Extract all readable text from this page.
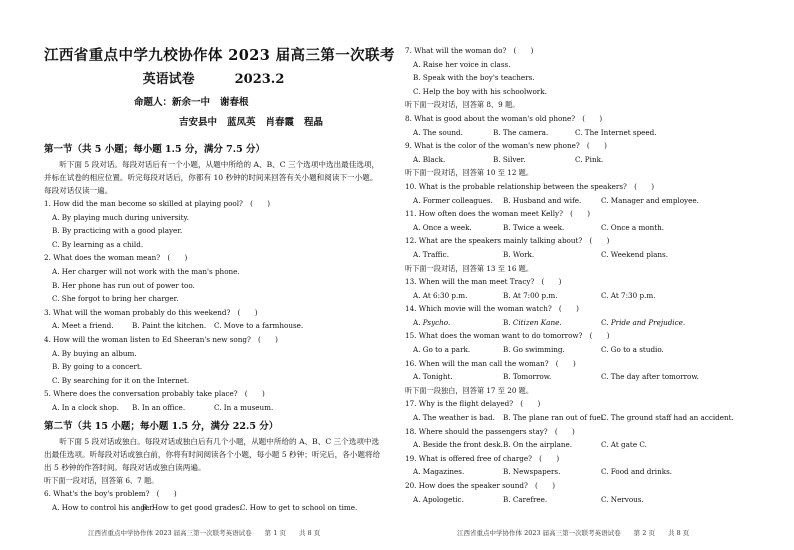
江西省重点中学九校协作体 2023 届高三第一次联考
英语试卷	2023.2
命题人：新余一中 谢春根
吉安县中 蓝凤英 肖春霞 程晶
第一节（共 5 小题；每小题 1.5 分，满分 7.5 分）

听下面 5 段对话。每段对话后有一个小题，从题中所给的 A、B、C 三个选项中选出最佳选项，并标在试卷的相应位置。听完每段对话后，你都有 10 秒钟的时间来回答有关小题和阅读下一小题。每段对话仅读一遍。

1. How did the man become so skilled at playing pool?　(　　)
A. By playing much during university.
B. By practicing with a good player.
C. By learning as a child.
2. What does the woman mean?　(　　)
A. Her charger will not work with the man's phone.
B. Her phone has run out of power too.
C. She forgot to bring her charger.
3. What will the woman probably do this weekend?　(　　)
A. Meet a friend.	B. Paint the kitchen. C. Move to a farmhouse.
4. How will the woman listen to Ed Sheeran's new song?　(　　)
A. By buying an album.
B. By going to a concert.
C. By searching for it on the Internet.
5. Where does the conversation probably take place?　(　　)
A. In a clock shop. B. In an office.	C. In a museum.
第二节（共 15 小题；每小题 1.5 分，满分 22.5 分）

听下面 5 段对话或独白。每段对话或独白后有几个小题，从题中所给的 A、B、C 三个选项中选出最佳选项。听每段对话或独白前，你将有时间阅读各个小题，每小题 5 秒钟；听完后，各小题将给出 5 秒钟的作答时间。每段对话或独白读两遍。

听下面一段对话，回答第 6、7 题。
6. What's the boy's problem?　(　　)
A. How to control his anger.B. How to get good grades.C. How to get to school on time.
江西省重点中学协作体 2023 届高三第一次联考英语试卷　　第 1 页　　共 8 页
7. What will the woman do?　(　　)
A. Raise her voice in class.
B. Speak with the boy's teachers.
C. Help the boy with his schoolwork.
听下面一段对话，回答第 8、9 题。
8. What is good about the woman's old phone?　(　　)
A. The sound.	B. The camera.	C. The Internet speed.
9. What is the color of the woman's new phone?　(　　)
A. Black.	B. Silver.	C. Pink.
听下面一段对话，回答第 10 至 12 题。
10. What is the probable relationship between the speakers?　(　　)
A. Former colleagues. B. Husband and wife.	C. Manager and employee.
11. How often does the woman meet Kelly?　(　　)
A. Once a week.	B. Twice a week.	C. Once a month.
12. What are the speakers mainly talking about?　(　　)
A. Traffic.	B. Work.	C. Weekend plans.
听下面一段对话，回答第 13 至 16 题。
13. When will the man meet Tracy?　(　　)
A. At 6:30 p.m.	B. At 7:00 p.m.	C. At 7:30 p.m.
14. Which movie will the woman watch?　(　　)
A. Psycho.	B. Citizen Kane.	C. Pride and Prejudice.
15. What does the woman want to do tomorrow?　(　　)
A. Go to a park.	B. Go swimming.	C. Go to a studio.
16. When will the man call the woman?　(　　)
A. Tonight.	B. Tomorrow.	C. The day after tomorrow.
听下面一段独白，回答第 17 至 20 题。
17. Why is the flight delayed?　(　　)
A. The weather is bad. B. The plane ran out of fuel.C. The ground staff had an accident.
18. Where should the passengers stay?　(　　)
A. Beside the front desk.B. On the airplane.	C. At gate C.
19. What is offered free of charge?　(　　)
A. Magazines.	B. Newspapers.	C. Food and drinks.
20. How does the speaker sound?　(　　)
A. Apologetic.	B. Carefree.	C. Nervous.
江西省重点中学协作体 2023 届高三第一次联考英语试卷　　第 2 页　　共 8 页
